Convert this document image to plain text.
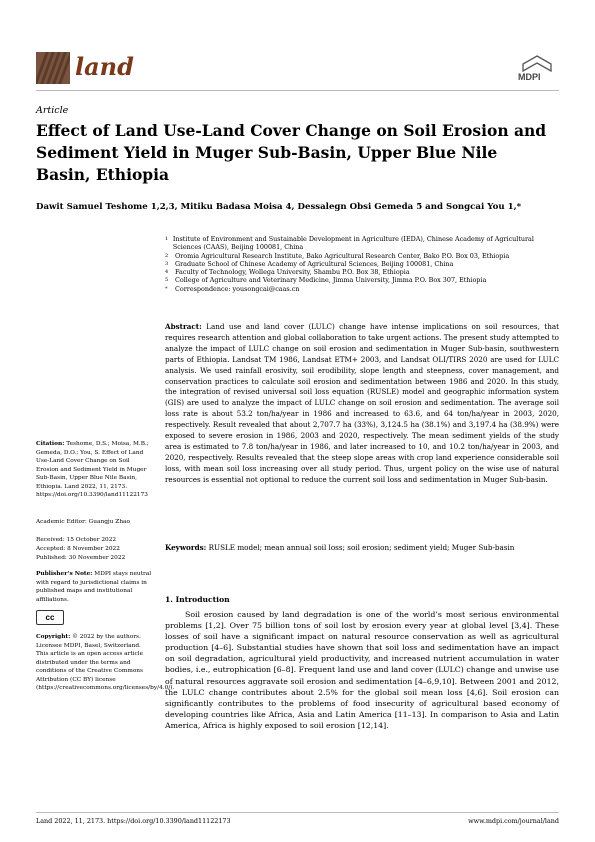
land	MDPI
Article
Effect of Land Use-Land Cover Change on Soil Erosion and Sediment Yield in Muger Sub-Basin, Upper Blue Nile Basin, Ethiopia
Dawit Samuel Teshome 1,2,3, Mitiku Badasa Moisa 4, Dessalegn Obsi Gemeda 5 and Songcai You 1,*
1 Institute of Environment and Sustainable Development in Agriculture (IEDA), Chinese Academy of Agricultural Sciences (CAAS), Beijing 100081, China
2	Oromia Agricultural Research Institute, Bako Agricultural Research Center, Bako P.O. Box 03, Ethiopia
3	Graduate School of Chinese Academy of Agricultural Sciences, Beijing 100081, China
4	Faculty of Technology, Wollega University, Shambu P.O. Box 38, Ethiopia
5	College of Agriculture and Veterinary Medicine, Jimma University, Jimma P.O. Box 307, Ethiopia
*	Correspondence: yousongcai@caas.cn
Abstract: Land use and land cover (LULC) change have intense implications on soil resources, that requires research attention and global collaboration to take urgent actions. The present study attempted to analyze the impact of LULC change on soil erosion and sedimentation in Muger Sub-basin, southwestern parts of Ethiopia. Landsat TM 1986, Landsat ETM+ 2003, and Landsat OLI/TIRS 2020 are used for LULC analysis. We used rainfall erosivity, soil erodibility, slope length and steepness, cover management, and conservation practices to calculate soil erosion and sedimentation between 1986 and 2020. In this study, the integration of revised universal soil loss equation (RUSLE) model and geographic information system (GIS) are used to analyze the impact of LULC change on soil erosion and sedimentation. The average soil loss rate is about 53.2 ton/ha/year in 1986 and increased to 63.6, and 64 ton/ha/year in 2003, 2020, respectively. Result revealed that about 2,707.7 ha (33%), 3,124.5 ha (38.1%) and 3,197.4 ha (38.9%) were exposed to severe erosion in 1986, 2003 and 2020, respectively. The mean sediment yields of the study area is estimated to 7.8 ton/ha/year in 1986, and later increased to 10, and 10.2 ton/ha/year in 2003, and 2020, respectively. Results revealed that the steep slope areas with crop land experience considerable soil loss, with mean soil loss increasing over all study period. Thus, urgent policy on the wise use of natural resources is essential not optional to reduce the current soil loss and sedimentation in Muger Sub-basin.
Keywords: RUSLE model; mean annual soil loss; soil erosion; sediment yield; Muger Sub-basin
1. Introduction
Soil erosion caused by land degradation is one of the world’s most serious environmental problems [1,2]. Over 75 billion tons of soil lost by erosion every year at global level [3,4]. These losses of soil have a significant impact on natural resource conservation as well as agricultural production [4–6]. Substantial studies have shown that soil loss and sedimentation have an impact on soil degradation, agricultural yield productivity, and increased nutrient accumulation in water bodies, i.e., eutrophication [6–8]. Frequent land use and land cover (LULC) change and unwise use of natural resources aggravate soil erosion and sedimentation [4–6,9,10]. Between 2001 and 2012, the LULC change contributes about 2.5% for the global soil mean loss [4,6]. Soil erosion can significantly contributes to the problems of food insecurity of agricultural based economy of developing countries like Africa, Asia and Latin America [11–13]. In comparison to Asia and Latin America, Africa is highly exposed to soil erosion [12,14].
Citation: Teshome, D.S.; Moisa, M.B.; Gemeda, D.O.; You, S. Effect of Land Use-Land Cover Change on Soil Erosion and Sediment Yield in Muger Sub-Basin, Upper Blue Nile Basin, Ethiopia. Land 2022, 11, 2173. https://doi.org/10.3390/land11122173
Academic Editor: Guangju Zhao
Received: 15 October 2022
Accepted: 8 November 2022
Published: 30 November 2022
Publisher’s Note: MDPI stays neutral with regard to jurisdictional claims in published maps and institutional affiliations.
cc
Copyright: © 2022 by the authors. Licensee MDPI, Basel, Switzerland. This article is an open access article distributed under the terms and conditions of the Creative Commons Attribution (CC BY) license (https://creativecommons.org/licenses/by/4.0/).
Land 2022, 11, 2173. https://doi.org/10.3390/land11122173	www.mdpi.com/journal/land
